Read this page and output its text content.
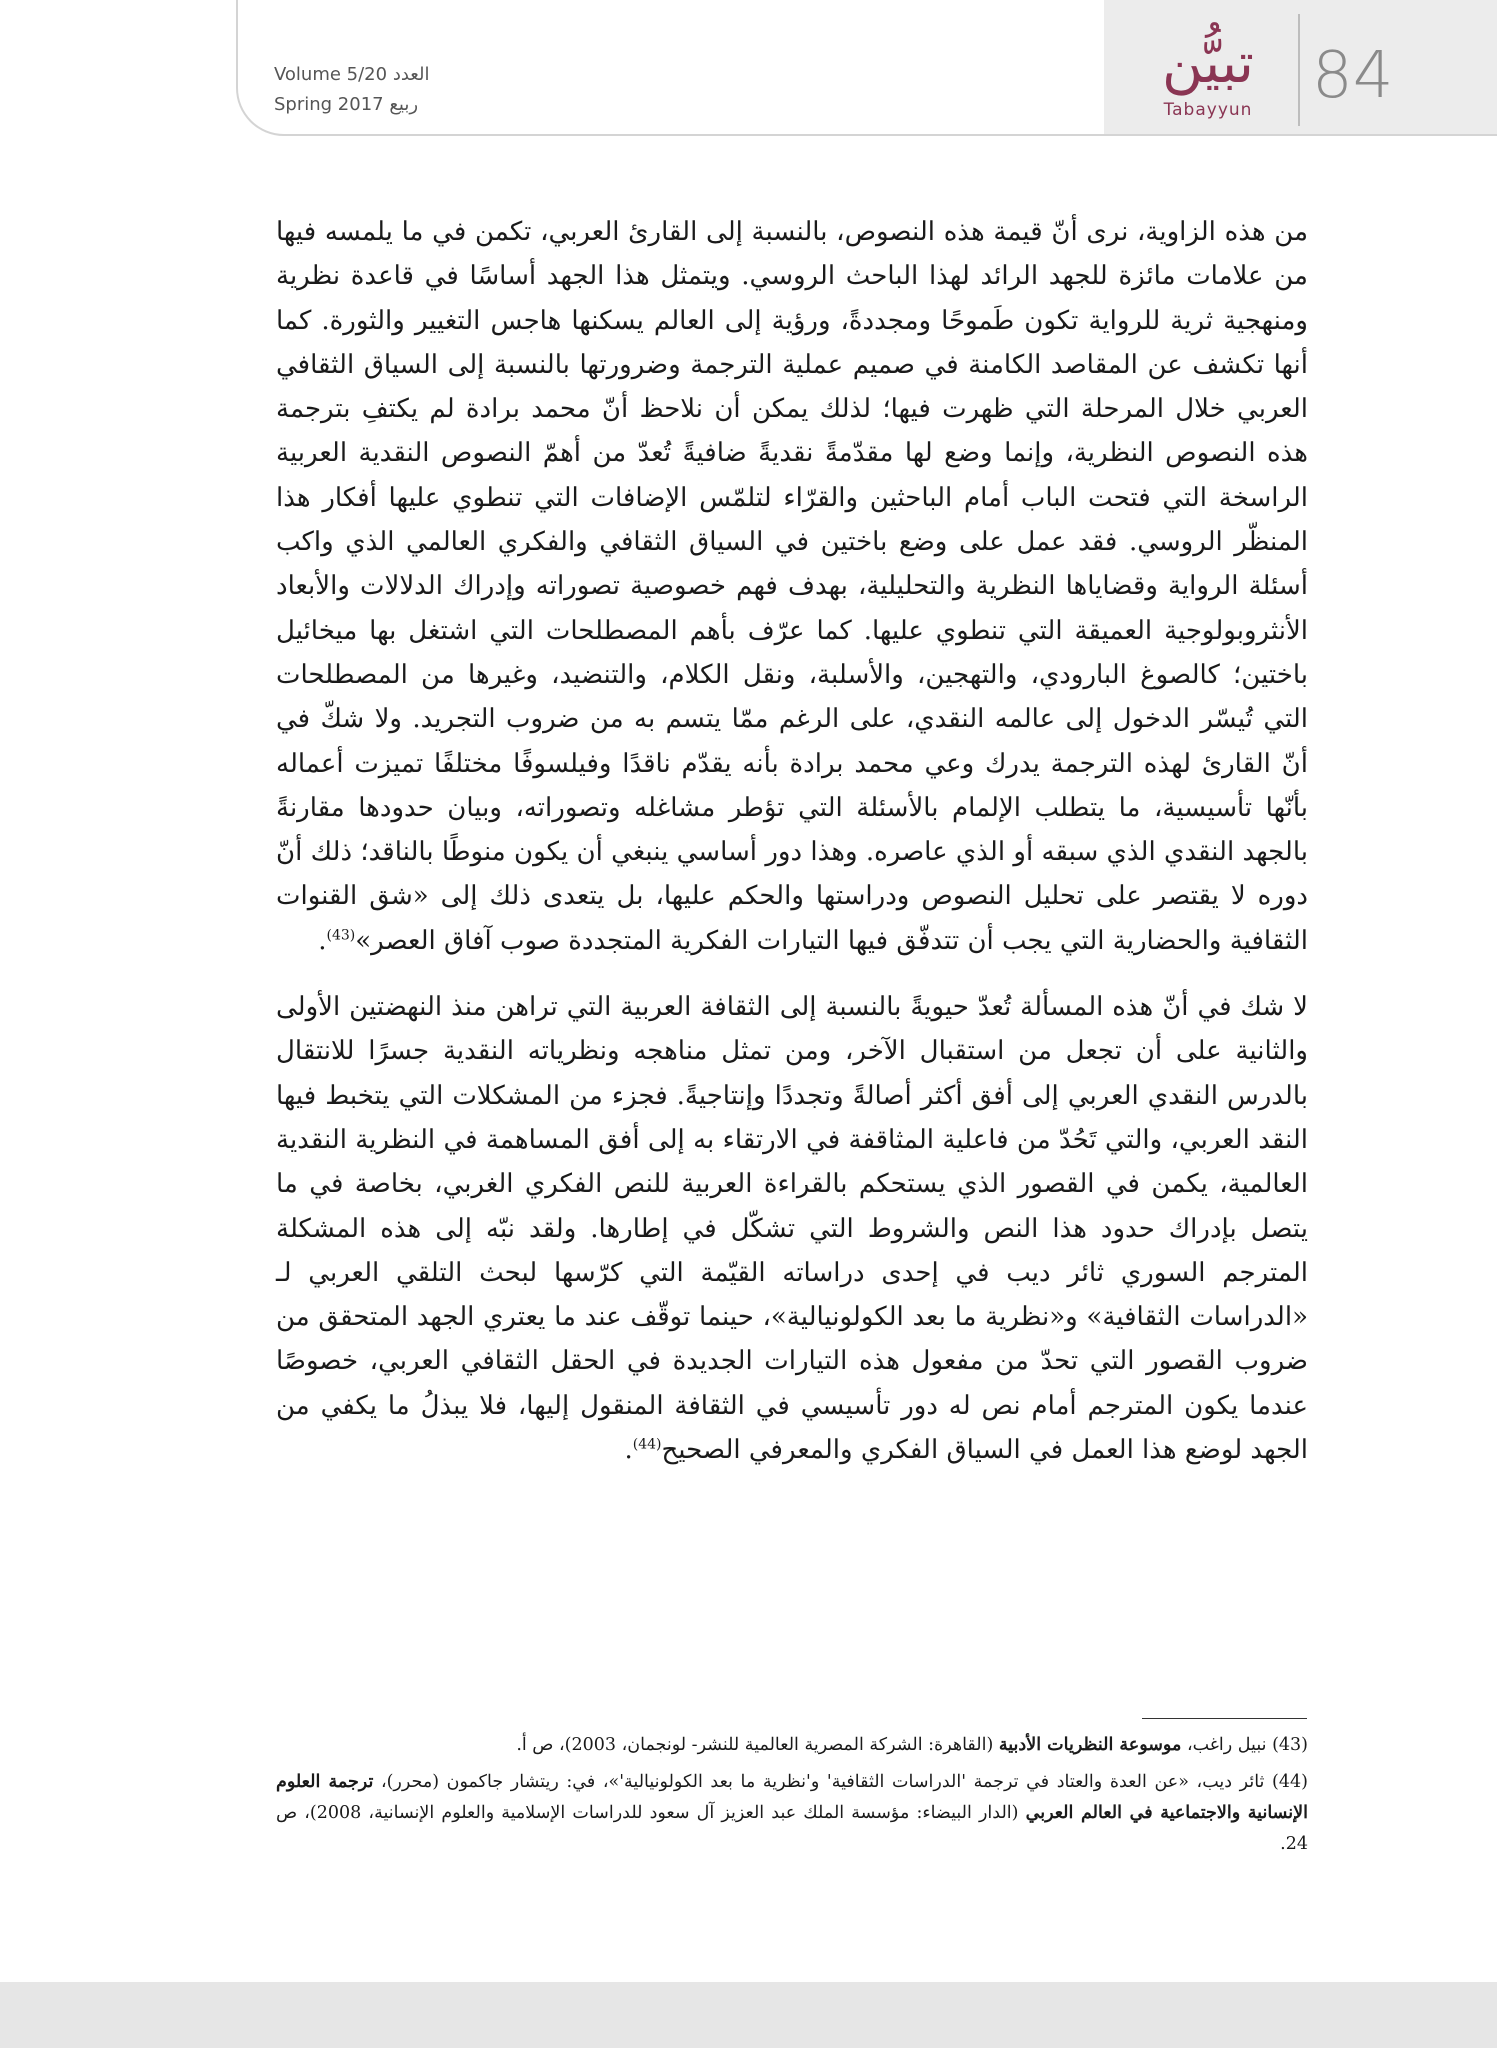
Volume 5/20 العدد
Spring 2017 ربيع
تبيُّن
Tabayyun 84

من هذه الزاوية، نرى أنّ قيمة هذه النصوص، بالنسبة إلى القارئ العربي، تكمن في ما يلمسه فيها من علامات مائزة للجهد الرائد لهذا الباحث الروسي. ويتمثل هذا الجهد أساسًا في قاعدة نظرية ومنهجية ثرية للرواية تكون طَموحًا ومجددةً، ورؤية إلى العالم يسكنها هاجس التغيير والثورة. كما أنها تكشف عن المقاصد الكامنة في صميم عملية الترجمة وضرورتها بالنسبة إلى السياق الثقافي العربي خلال المرحلة التي ظهرت فيها؛ لذلك يمكن أن نلاحظ أنّ محمد برادة لم يكتفِ بترجمة هذه النصوص النظرية، وإنما وضع لها مقدّمةً نقديةً ضافيةً تُعدّ من أهمّ النصوص النقدية العربية الراسخة التي فتحت الباب أمام الباحثين والقرّاء لتلمّس الإضافات التي تنطوي عليها أفكار هذا المنظّر الروسي. فقد عمل على وضع باختين في السياق الثقافي والفكري العالمي الذي واكب أسئلة الرواية وقضاياها النظرية والتحليلية، بهدف فهم خصوصية تصوراته وإدراك الدلالات والأبعاد الأنثروبولوجية العميقة التي تنطوي عليها. كما عرّف بأهم المصطلحات التي اشتغل بها ميخائيل باختين؛ كالصوغ البارودي، والتهجين، والأسلبة، ونقل الكلام، والتنضيد، وغيرها من المصطلحات التي تُيسّر الدخول إلى عالمه النقدي، على الرغم ممّا يتسم به من ضروب التجريد. ولا شكّ في أنّ القارئ لهذه الترجمة يدرك وعي محمد برادة بأنه يقدّم ناقدًا وفيلسوفًا مختلفًا تميزت أعماله بأنّها تأسيسية، ما يتطلب الإلمام بالأسئلة التي تؤطر مشاغله وتصوراته، وبيان حدودها مقارنةً بالجهد النقدي الذي سبقه أو الذي عاصره. وهذا دور أساسي ينبغي أن يكون منوطًا بالناقد؛ ذلك أنّ دوره لا يقتصر على تحليل النصوص ودراستها والحكم عليها، بل يتعدى ذلك إلى «شق القنوات الثقافية والحضارية التي يجب أن تتدفّق فيها التيارات الفكرية المتجددة صوب آفاق العصر»$^{(43)}$.

لا شك في أنّ هذه المسألة تُعدّ حيويةً بالنسبة إلى الثقافة العربية التي تراهن منذ النهضتين الأولى والثانية على أن تجعل من استقبال الآخر، ومن تمثل مناهجه ونظرياته النقدية جسرًا للانتقال بالدرس النقدي العربي إلى أفق أكثر أصالةً وتجددًا وإنتاجيةً. فجزء من المشكلات التي يتخبط فيها النقد العربي، والتي تَحُدّ من فاعلية المثاقفة في الارتقاء به إلى أفق المساهمة في النظرية النقدية العالمية، يكمن في القصور الذي يستحكم بالقراءة العربية للنص الفكري الغربي، بخاصة في ما يتصل بإدراك حدود هذا النص والشروط التي تشكّل في إطارها. ولقد نبّه إلى هذه المشكلة المترجم السوري ثائر ديب في إحدى دراساته القيّمة التي كرّسها لبحث التلقي العربي لـ «الدراسات الثقافية» و«نظرية ما بعد الكولونيالية»، حينما توقّف عند ما يعتري الجهد المتحقق من ضروب القصور التي تحدّ من مفعول هذه التيارات الجديدة في الحقل الثقافي العربي، خصوصًا عندما يكون المترجم أمام نص له دور تأسيسي في الثقافة المنقول إليها، فلا يبذلُ ما يكفي من الجهد لوضع هذا العمل في السياق الفكري والمعرفي الصحيح$^{(44)}$.

(43) نبيل راغب، موسوعة النظريات الأدبية (القاهرة: الشركة المصرية العالمية للنشر- لونجمان، 2003)، ص أ.

(44) ثائر ديب، «عن العدة والعتاد في ترجمة 'الدراسات الثقافية' و'نظرية ما بعد الكولونيالية'»، في: ريتشار جاكمون (محرر)، ترجمة العلوم الإنسانية والاجتماعية في العالم العربي (الدار البيضاء: مؤسسة الملك عبد العزيز آل سعود للدراسات الإسلامية والعلوم الإنسانية، 2008)، ص 24.
